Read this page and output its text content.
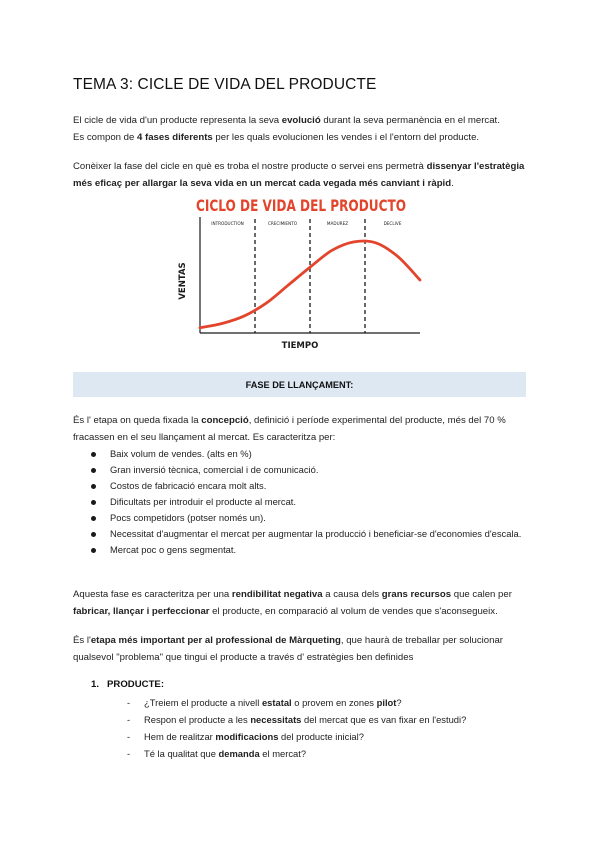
TEMA 3: CICLE DE VIDA DEL PRODUCTE

El cicle de vida d'un producte representa la seva evolució durant la seva permanència en el mercat.
Es compon de 4 fases diferents per les quals evolucionen les vendes i el l'entorn del producte.

Conèixer la fase del cicle en què es troba el nostre producte o servei ens permetrà dissenyar l'estratègia més eficaç per allargar la seva vida en un mercat cada vegada més canviant i ràpid.

CICLO DE VIDA DEL PRODUCTO
INTRODUCTION	CRECIMIENTO	MADUREZ	DECLIVE
VENTAS
TIEMPO
FASE DE LLANÇAMENT:

És l' etapa on queda fixada la concepció, definició i període experimental del producte, més del 70 % fracassen en el seu llançament al mercat. Es caracteritza per:

Baix volum de vendes. (alts en %)
Gran inversió tècnica, comercial i de comunicació.
Costos de fabricació encara molt alts.
Dificultats per introduir el producte al mercat.
Pocs competidors (potser només un).
Necessitat d'augmentar el mercat per augmentar la producció i beneficiar-se d'economies d'escala.
Mercat poc o gens segmentat.

Aquesta fase es caracteritza per una rendibilitat negativa a causa dels grans recursos que calen per fabricar, llançar i perfeccionar el producte, en comparació al volum de vendes que s'aconsegueix.

És l'etapa més important per al professional de Màrqueting, que haurà de treballar per solucionar qualsevol "problema" que tingui el producte a través d' estratègies ben definides

1. PRODUCTE:
- ¿Treiem el producte a nivell estatal o provem en zones pilot?
- Respon el producte a les necessitats del mercat que es van fixar en l'estudi?
- Hem de realitzar modificacions del producte inicial?
- Té la qualitat que demanda el mercat?
